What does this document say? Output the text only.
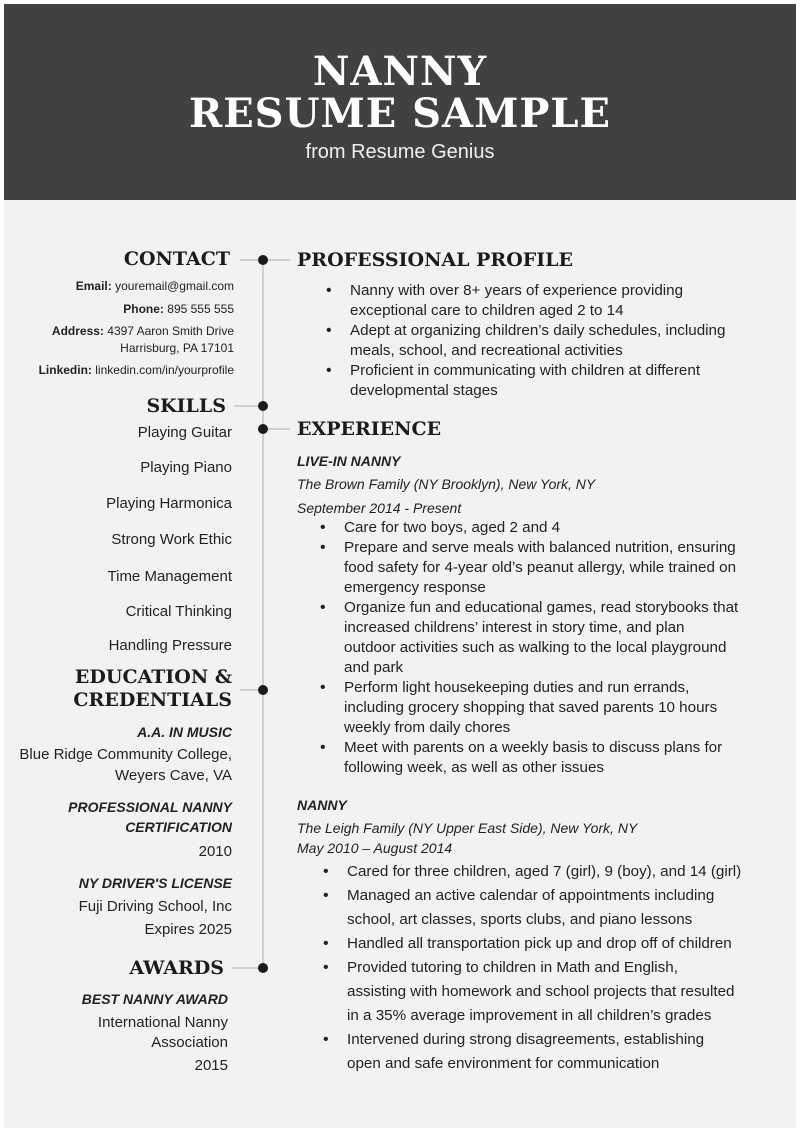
NANNY
RESUME SAMPLE
from Resume Genius
CONTACT
Email: youremail@gmail.com
Phone: 895 555 555
Address: 4397 Aaron Smith Drive
Harrisburg, PA 17101
Linkedin: linkedin.com/in/yourprofile
SKILLS
Playing Guitar
Playing Piano
Playing Harmonica
Strong Work Ethic
Time Management
Critical Thinking
Handling Pressure
EDUCATION &
CREDENTIALS
A.A. IN MUSIC
Blue Ridge Community College,
Weyers Cave, VA
PROFESSIONAL NANNY
CERTIFICATION
2010
NY DRIVER'S LICENSE
Fuji Driving School, Inc
Expires 2025
AWARDS
BEST NANNY AWARD
International Nanny
Association
2015
PROFESSIONAL PROFILE
• Nanny with over 8+ years of experience providing
exceptional care to children aged 2 to 14
• Adept at organizing children’s daily schedules, including
meals, school, and recreational activities
• Proficient in communicating with children at different
developmental stages
EXPERIENCE
LIVE-IN NANNY
The Brown Family (NY Brooklyn), New York, NY
September 2014 - Present
• Care for two boys, aged 2 and 4
• Prepare and serve meals with balanced nutrition, ensuring
food safety for 4-year old’s peanut allergy, while trained on
emergency response
• Organize fun and educational games, read storybooks that
increased childrens’ interest in story time, and plan
outdoor activities such as walking to the local playground
and park
• Perform light housekeeping duties and run errands,
including grocery shopping that saved parents 10 hours
weekly from daily chores
• Meet with parents on a weekly basis to discuss plans for
following week, as well as other issues
NANNY
The Leigh Family (NY Upper East Side), New York, NY
May 2010 – August 2014
• Cared for three children, aged 7 (girl), 9 (boy), and 14 (girl)
• Managed an active calendar of appointments including
school, art classes, sports clubs, and piano lessons
• Handled all transportation pick up and drop off of children
• Provided tutoring to children in Math and English,
assisting with homework and school projects that resulted
in a 35% average improvement in all children’s grades
• Intervened during strong disagreements, establishing
open and safe environment for communication
